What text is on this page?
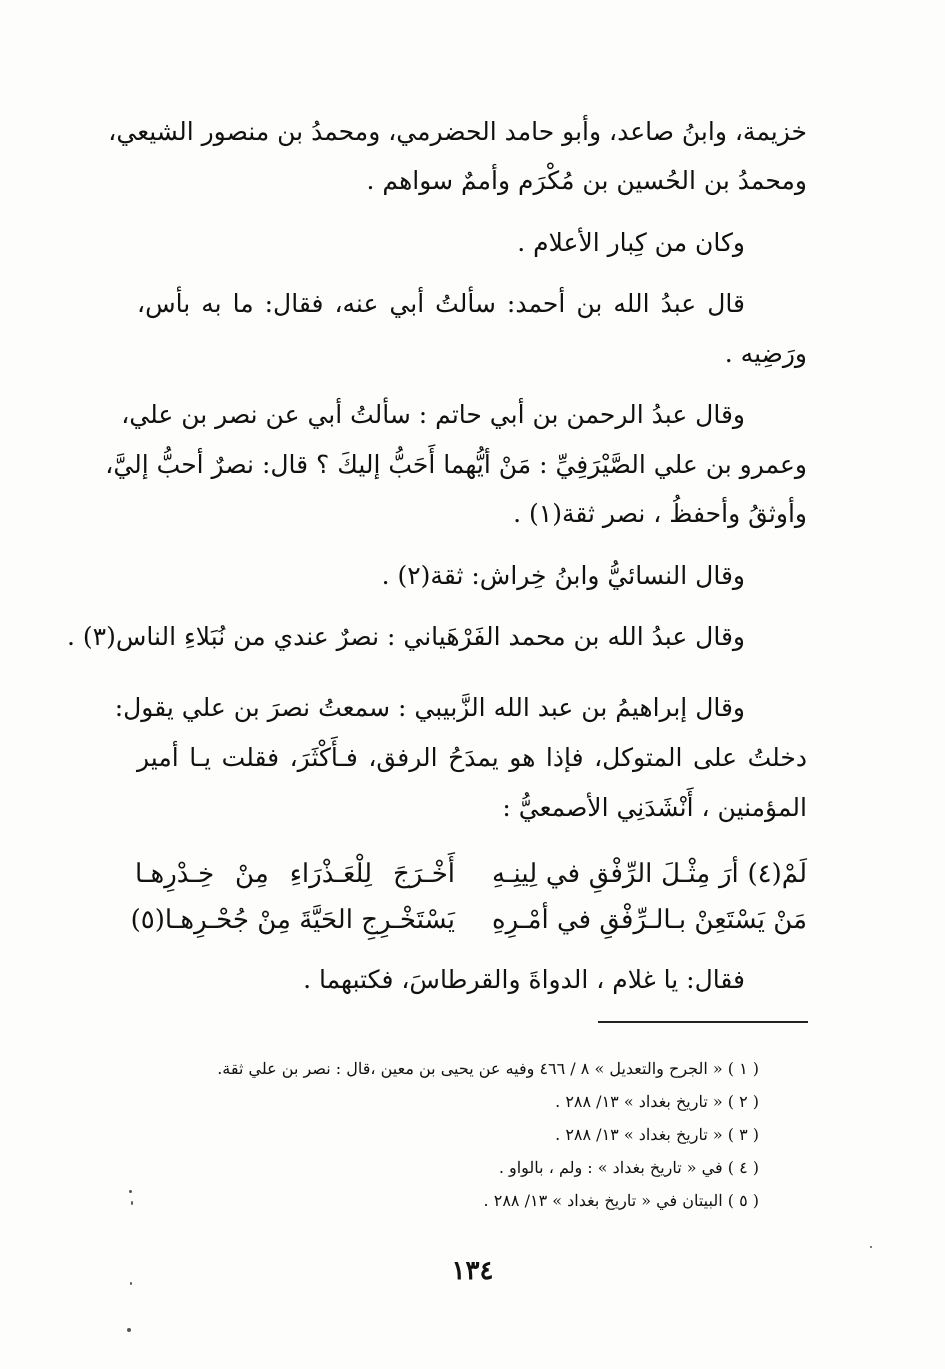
خزيمة، وابنُ صاعد، وأبو حامد الحضرمي، ومحمدُ بن منصور الشيعي،
ومحمدُ بن الحُسين بن مُكْرَم وأممٌ سواهم .
وكان من كِبار الأعلام .
قال عبدُ الله بن أحمد: سألتُ أبي عنه، فقال: ما به بأس،
ورَضِيه .
وقال عبدُ الرحمن بن أبي حاتم : سألتُ أبي عن نصر بن علي،
وعمرو بن علي الصَّيْرَفِيِّ : مَنْ أيُّهما أَحَبُّ إليكَ ؟ قال: نصرٌ أحبُّ إليَّ،
وأوثقُ وأحفظُ ، نصر ثقة(١) .
وقال النسائيُّ وابنُ خِراش: ثقة(٢) .
وقال عبدُ الله بن محمد الفَرْهَياني : نصرٌ عندي من نُبَلاءِ الناس(٣) .
وقال إبراهيمُ بن عبد الله الزَّبيبي : سمعتُ نصرَ بن علي يقول:
دخلتُ على المتوكل، فإذا هو يمدَحُ الرفق، فـأَكْثَرَ، فقلت يـا أمير
المؤمنين ، أَنْشَدَنِي الأصمعيُّ :
لَمْ(٤) أرَ مِثْـلَ الرِّفْقِ في لِينِـهِ
أَخْـرَجَ لِلْعَـذْرَاءِ مِنْ خِـدْرِهـا
مَنْ يَسْتَعِنْ بـالـرِّفْقِ في أمْـرِهِ
يَسْتَخْـرِجِ الحَيَّةَ مِنْ جُحْـرِهـا(٥)
فقال: يا غلام ، الدواةَ والقرطاسَ، فكتبهما .
( ١ ) « الجرح والتعديل » ٨ / ٤٦٦ وفيه عن يحيى بن معين ،قال : نصر بن علي ثقة.
( ٢ ) « تاريخ بغداد » ١٣/ ٢٨٨ .
( ٣ ) « تاريخ بغداد » ١٣/ ٢٨٨ .
( ٤ ) في « تاريخ بغداد » : ولم ، بالواو .
( ٥ ) البيتان في « تاريخ بغداد » ١٣/ ٢٨٨ .
١٣٤
